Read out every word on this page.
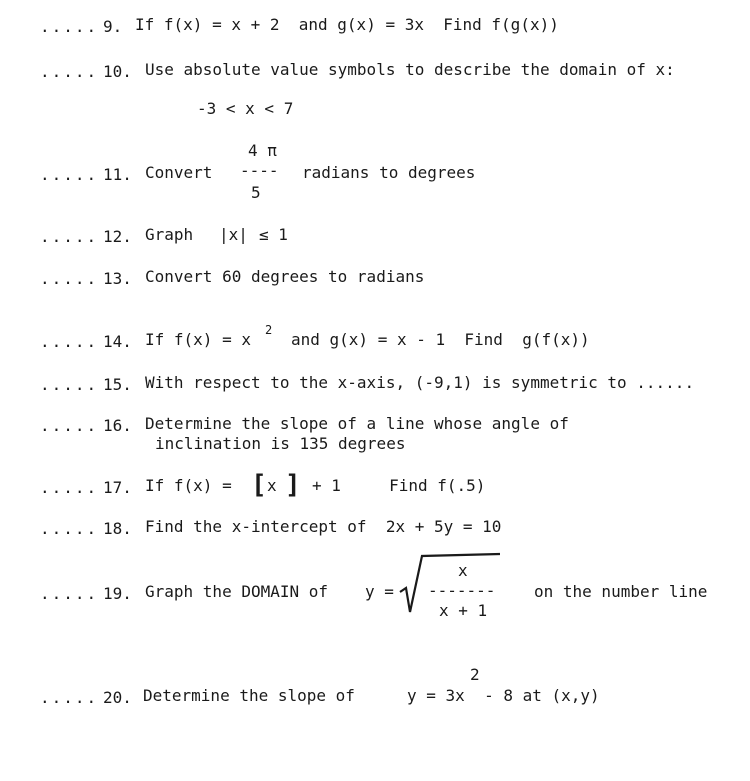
..... 9. If f(x) = x + 2  and g(x) = 3x  Find f(g(x))
..... 10. Use absolute value symbols to describe the domain of x:
-3 < x < 7
..... 11. Convert
4 π
----
5
radians to degrees
..... 12. Graph |x| ≤ 1
..... 13. Convert 60 degrees to radians
..... 14. If f(x) = x 2 and g(x) = x - 1  Find  g(f(x))
..... 15. With respect to the x-axis, (-9,1) is symmetric to ......
..... 16. Determine the slope of a line whose angle of
inclination is 135 degrees
..... 17. If f(x) = [ x ] + 1     Find f(.5)
..... 18. Find the x-intercept of  2x + 5y = 10
..... 19. Graph the DOMAIN of y =
x
-------
x + 1
on the number line
..... 20. Determine the slope of
2
y = 3x  - 8 at (x,y)
